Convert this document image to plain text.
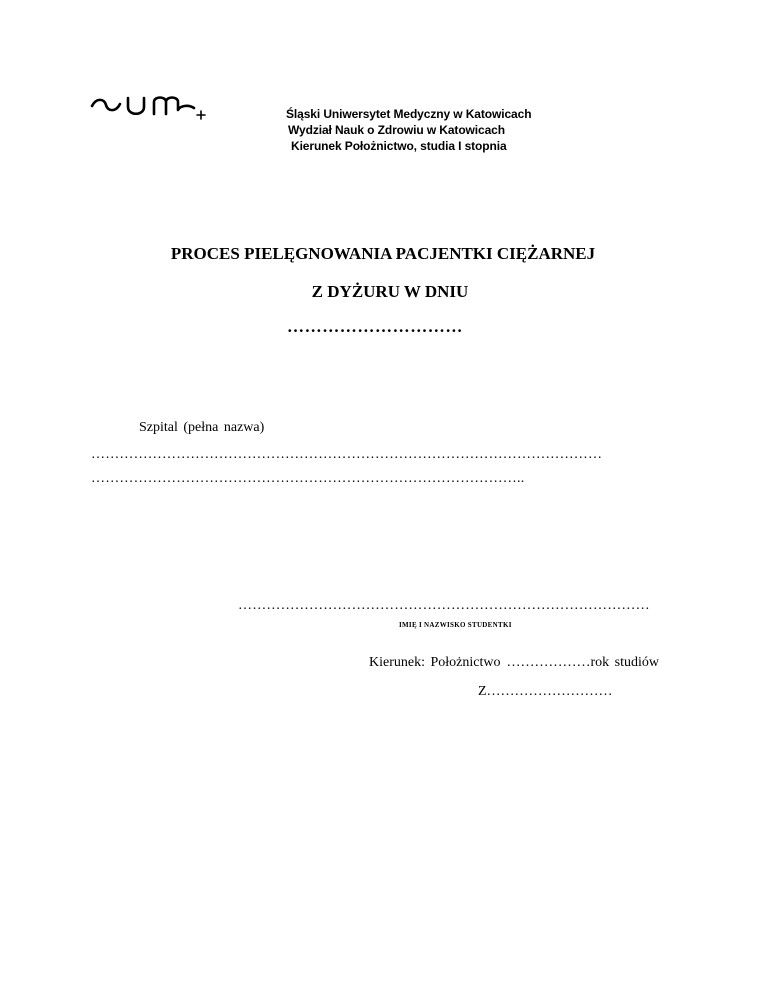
Śląski Uniwersytet Medyczny w Katowicach
Wydział Nauk o Zdrowiu w Katowicach
Kierunek Położnictwo, studia I stopnia
PROCES PIELĘGNOWANIA PACJENTKI CIĘŻARNEJ
Z DYŻURU W DNIU
…………………………
Szpital (pełna nazwa)
………………………………………………………………………………………………
………………………………………………………………………………..
……………………………………………………………………………
IMIĘ I NAZWISKO STUDENTKI
Kierunek: Położnictwo ………………rok studiów
Z………………………
